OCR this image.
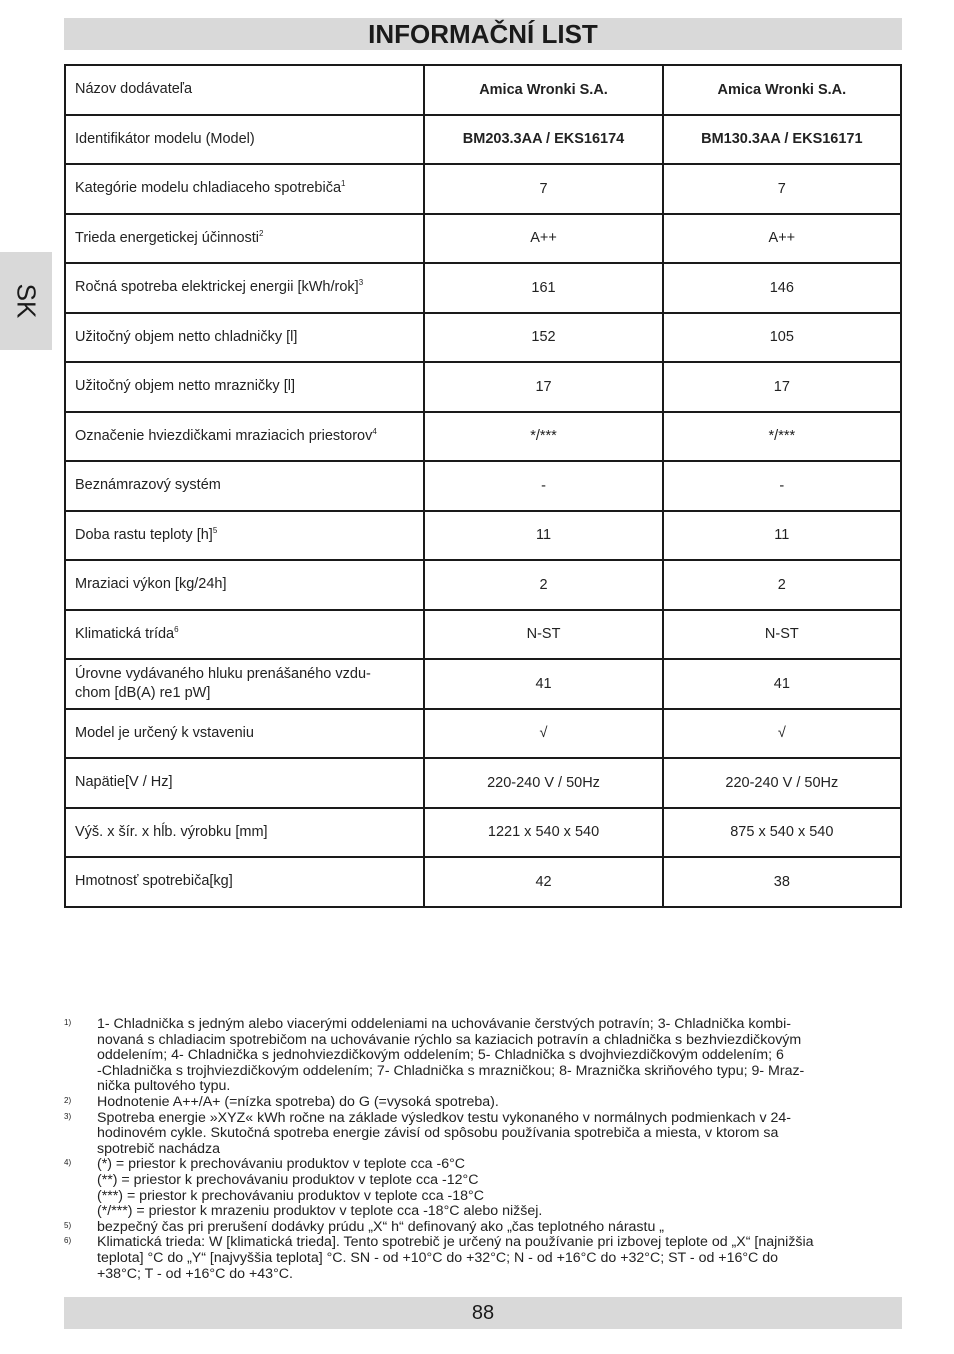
INFORMAČNÍ LIST
SK
Názov dodávateľa	Amica Wronki S.A.	Amica Wronki S.A.
Identifikátor modelu (Model)	BM203.3AA / EKS16174	BM130.3AA / EKS16171
Kategórie modelu chladiaceho spotrebiča$^1$	7	7
Trieda energetickej účinnosti$^2$	A++	A++
Ročná spotreba elektrickej energii $[kWh/rok]^3$	161	146
Užitočný objem netto chladničky [l]	152	105
Užitočný objem netto mrazničky [l]	17	17
Označenie hviezdičkami mraziacich priestorov$^4$	*/***	*/***
Beznámrazový systém	-	-
Doba rastu teploty $[h]^5$	11	11
Mraziaci výkon [kg/24h]	2	2
Klimatická trída$^6$	N-ST	N-ST
Úrovne vydávaného hluku prenášaného vzdu-
chom [dB(A) re1 pW]	41	41
Model je určený k vstaveniu	√	√
Napätie[V / Hz]	220-240 V / 50Hz	220-240 V / 50Hz
Výš. x šír. x hĺb. výrobku [mm]	1221 x 540 x 540	875 x 540 x 540
Hmotnosť spotrebiča[kg]	42	38
1) 1- Chladnička s jedným alebo viacerými oddeleniami na uchovávanie čerstvých potravín; 3- Chladnička kombi-
novaná s chladiacim spotrebičom na uchovávanie rýchlo sa kaziacich potravín a chladnička s bezhviezdičkovým
oddelením; 4- Chladnička s jednohviezdičkovým oddelením; 5- Chladnička s dvojhviezdičkovým oddelením; 6
-Chladnička s trojhviezdičkovým oddelením; 7- Chladnička s mrazničkou; 8- Mraznička skriňového typu; 9- Mraz-
nička pultového typu.
2) Hodnotenie A++/A+ (=nízka spotreba) do G (=vysoká spotreba).
3) Spotreba energie »XYZ« kWh ročne na základe výsledkov testu vykonaného v normálnych podmienkach v 24-
hodinovém cykle. Skutočná spotreba energie závisí od spôsobu používania spotrebiča a miesta, v ktorom sa
spotrebič nachádza
4) (*) = priestor k prechovávaniu produktov v teplote cca -6°C
(**) = priestor k prechovávaniu produktov v teplote cca -12°C
(***) = priestor k prechovávaniu produktov v teplote cca -18°C
(*/***) = priestor k mrazeniu produktov v teplote cca -18°C alebo nižšej.
5) bezpečný čas pri prerušení dodávky prúdu „X“ h“ definovaný ako „čas teplotného nárastu „
6) Klimatická trieda: W [klimatická trieda]. Tento spotrebič je určený na používanie pri izbovej teplote od „X“ [najnižšia
teplota] °C do „Y“ [najvyššia teplota] °C. SN - od +10°C do +32°C; N - od +16°C do +32°C; ST - od +16°C do
+38°C; T - od +16°C do +43°C.
88
